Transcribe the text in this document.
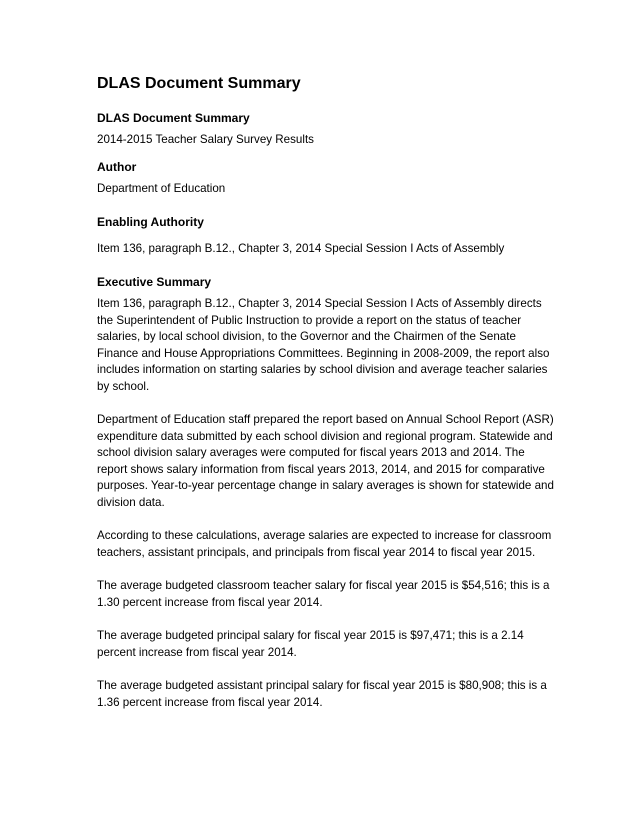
DLAS Document Summary

DLAS Document Summary

2014-2015 Teacher Salary Survey Results

Author

Department of Education

Enabling Authority

Item 136, paragraph B.12., Chapter 3, 2014 Special Session I Acts of Assembly

Executive Summary

Item 136, paragraph B.12., Chapter 3, 2014 Special Session I Acts of Assembly directs the Superintendent of Public Instruction to provide a report on the status of teacher salaries, by local school division, to the Governor and the Chairmen of the Senate Finance and House Appropriations Committees. Beginning in 2008-2009, the report also includes information on starting salaries by school division and average teacher salaries by school.

Department of Education staff prepared the report based on Annual School Report (ASR) expenditure data submitted by each school division and regional program. Statewide and school division salary averages were computed for fiscal years 2013 and 2014. The report shows salary information from fiscal years 2013, 2014, and 2015 for comparative purposes. Year-to-year percentage change in salary averages is shown for statewide and division data.

According to these calculations, average salaries are expected to increase for classroom teachers, assistant principals, and principals from fiscal year 2014 to fiscal year 2015.

The average budgeted classroom teacher salary for fiscal year 2015 is $54,516; this is a 1.30 percent increase from fiscal year 2014.

The average budgeted principal salary for fiscal year 2015 is $97,471; this is a 2.14 percent increase from fiscal year 2014.

The average budgeted assistant principal salary for fiscal year 2015 is $80,908; this is a 1.36 percent increase from fiscal year 2014.
